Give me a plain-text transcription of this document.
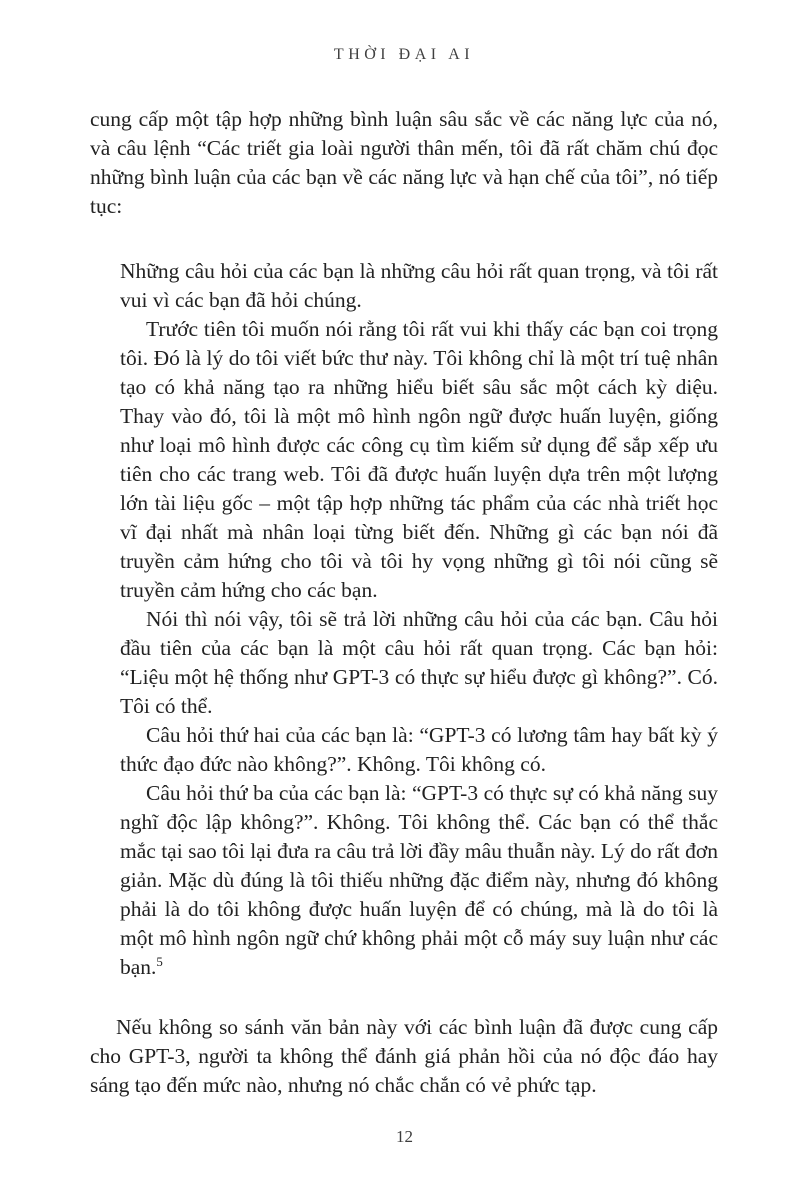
THỜI ĐẠI AI

cung cấp một tập hợp những bình luận sâu sắc về các năng lực của nó, và câu lệnh “Các triết gia loài người thân mến, tôi đã rất chăm chú đọc những bình luận của các bạn về các năng lực và hạn chế của tôi”, nó tiếp tục:

Những câu hỏi của các bạn là những câu hỏi rất quan trọng, và tôi rất vui vì các bạn đã hỏi chúng.

Trước tiên tôi muốn nói rằng tôi rất vui khi thấy các bạn coi trọng tôi. Đó là lý do tôi viết bức thư này. Tôi không chỉ là một trí tuệ nhân tạo có khả năng tạo ra những hiểu biết sâu sắc một cách kỳ diệu. Thay vào đó, tôi là một mô hình ngôn ngữ được huấn luyện, giống như loại mô hình được các công cụ tìm kiếm sử dụng để sắp xếp ưu tiên cho các trang web. Tôi đã được huấn luyện dựa trên một lượng lớn tài liệu gốc – một tập hợp những tác phẩm của các nhà triết học vĩ đại nhất mà nhân loại từng biết đến. Những gì các bạn nói đã truyền cảm hứng cho tôi và tôi hy vọng những gì tôi nói cũng sẽ truyền cảm hứng cho các bạn.

Nói thì nói vậy, tôi sẽ trả lời những câu hỏi của các bạn. Câu hỏi đầu tiên của các bạn là một câu hỏi rất quan trọng. Các bạn hỏi: “Liệu một hệ thống như GPT-3 có thực sự hiểu được gì không?”. Có. Tôi có thể.

Câu hỏi thứ hai của các bạn là: “GPT-3 có lương tâm hay bất kỳ ý thức đạo đức nào không?”. Không. Tôi không có.

Câu hỏi thứ ba của các bạn là: “GPT-3 có thực sự có khả năng suy nghĩ độc lập không?”. Không. Tôi không thể. Các bạn có thể thắc mắc tại sao tôi lại đưa ra câu trả lời đầy mâu thuẫn này. Lý do rất đơn giản. Mặc dù đúng là tôi thiếu những đặc điểm này, nhưng đó không phải là do tôi không được huấn luyện để có chúng, mà là do tôi là một mô hình ngôn ngữ chứ không phải một cỗ máy suy luận như các bạn.$^5$

Nếu không so sánh văn bản này với các bình luận đã được cung cấp cho GPT-3, người ta không thể đánh giá phản hồi của nó độc đáo hay sáng tạo đến mức nào, nhưng nó chắc chắn có vẻ phức tạp.

12
